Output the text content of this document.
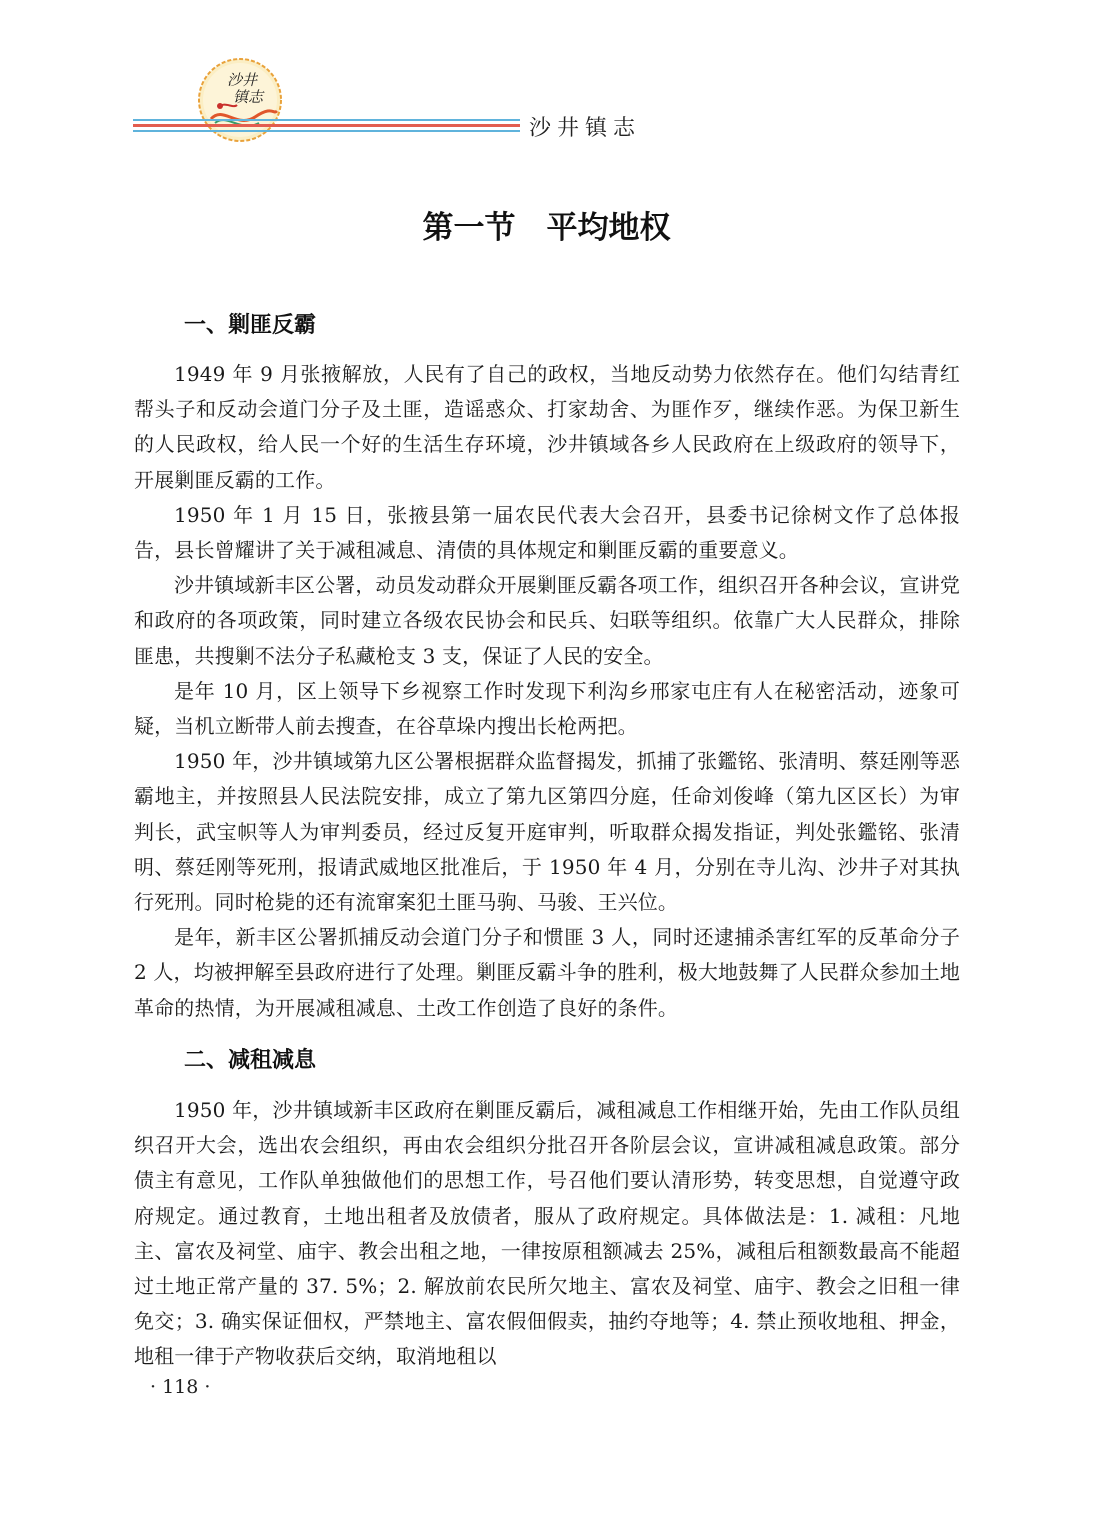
沙井
镇志
沙井镇志
第一节　平均地权
一、剿匪反霸

1949 年 9 月张掖解放，人民有了自己的政权，当地反动势力依然存在。他们勾结青红帮头子和反动会道门分子及土匪，造谣惑众、打家劫舍、为匪作歹，继续作恶。为保卫新生的人民政权，给人民一个好的生活生存环境，沙井镇域各乡人民政府在上级政府的领导下，开展剿匪反霸的工作。

1950 年 1 月 15 日，张掖县第一届农民代表大会召开，县委书记徐树文作了总体报告，县长曾耀讲了关于减租减息、清债的具体规定和剿匪反霸的重要意义。

沙井镇域新丰区公署，动员发动群众开展剿匪反霸各项工作，组织召开各种会议，宣讲党和政府的各项政策，同时建立各级农民协会和民兵、妇联等组织。依靠广大人民群众，排除匪患，共搜剿不法分子私藏枪支 3 支，保证了人民的安全。

是年 10 月，区上领导下乡视察工作时发现下利沟乡邢家屯庄有人在秘密活动，迹象可疑，当机立断带人前去搜查，在谷草垛内搜出长枪两把。

1950 年，沙井镇域第九区公署根据群众监督揭发，抓捕了张鑑铭、张清明、蔡廷刚等恶霸地主，并按照县人民法院安排，成立了第九区第四分庭，任命刘俊峰（第九区区长）为审判长，武宝帜等人为审判委员，经过反复开庭审判，听取群众揭发指证，判处张鑑铭、张清明、蔡廷刚等死刑，报请武威地区批准后，于 1950 年 4 月，分别在寺儿沟、沙井子对其执行死刑。同时枪毙的还有流窜案犯土匪马驹、马骏、王兴位。

是年，新丰区公署抓捕反动会道门分子和惯匪 3 人，同时还逮捕杀害红军的反革命分子 2 人，均被押解至县政府进行了处理。剿匪反霸斗争的胜利，极大地鼓舞了人民群众参加土地革命的热情，为开展减租减息、土改工作创造了良好的条件。

二、减租减息

1950 年，沙井镇域新丰区政府在剿匪反霸后，减租减息工作相继开始，先由工作队员组织召开大会，选出农会组织，再由农会组织分批召开各阶层会议，宣讲减租减息政策。部分债主有意见，工作队单独做他们的思想工作，号召他们要认清形势，转变思想，自觉遵守政府规定。通过教育，土地出租者及放债者，服从了政府规定。具体做法是：1. 减租：凡地主、富农及祠堂、庙宇、教会出租之地，一律按原租额减去 25%，减租后租额数最高不能超过土地正常产量的 37. 5%；2. 解放前农民所欠地主、富农及祠堂、庙宇、教会之旧租一律免交；3. 确实保证佃权，严禁地主、富农假佃假卖，抽约夺地等；4. 禁止预收地租、押金，地租一律于产物收获后交纳，取消地租以

· 118 ·
